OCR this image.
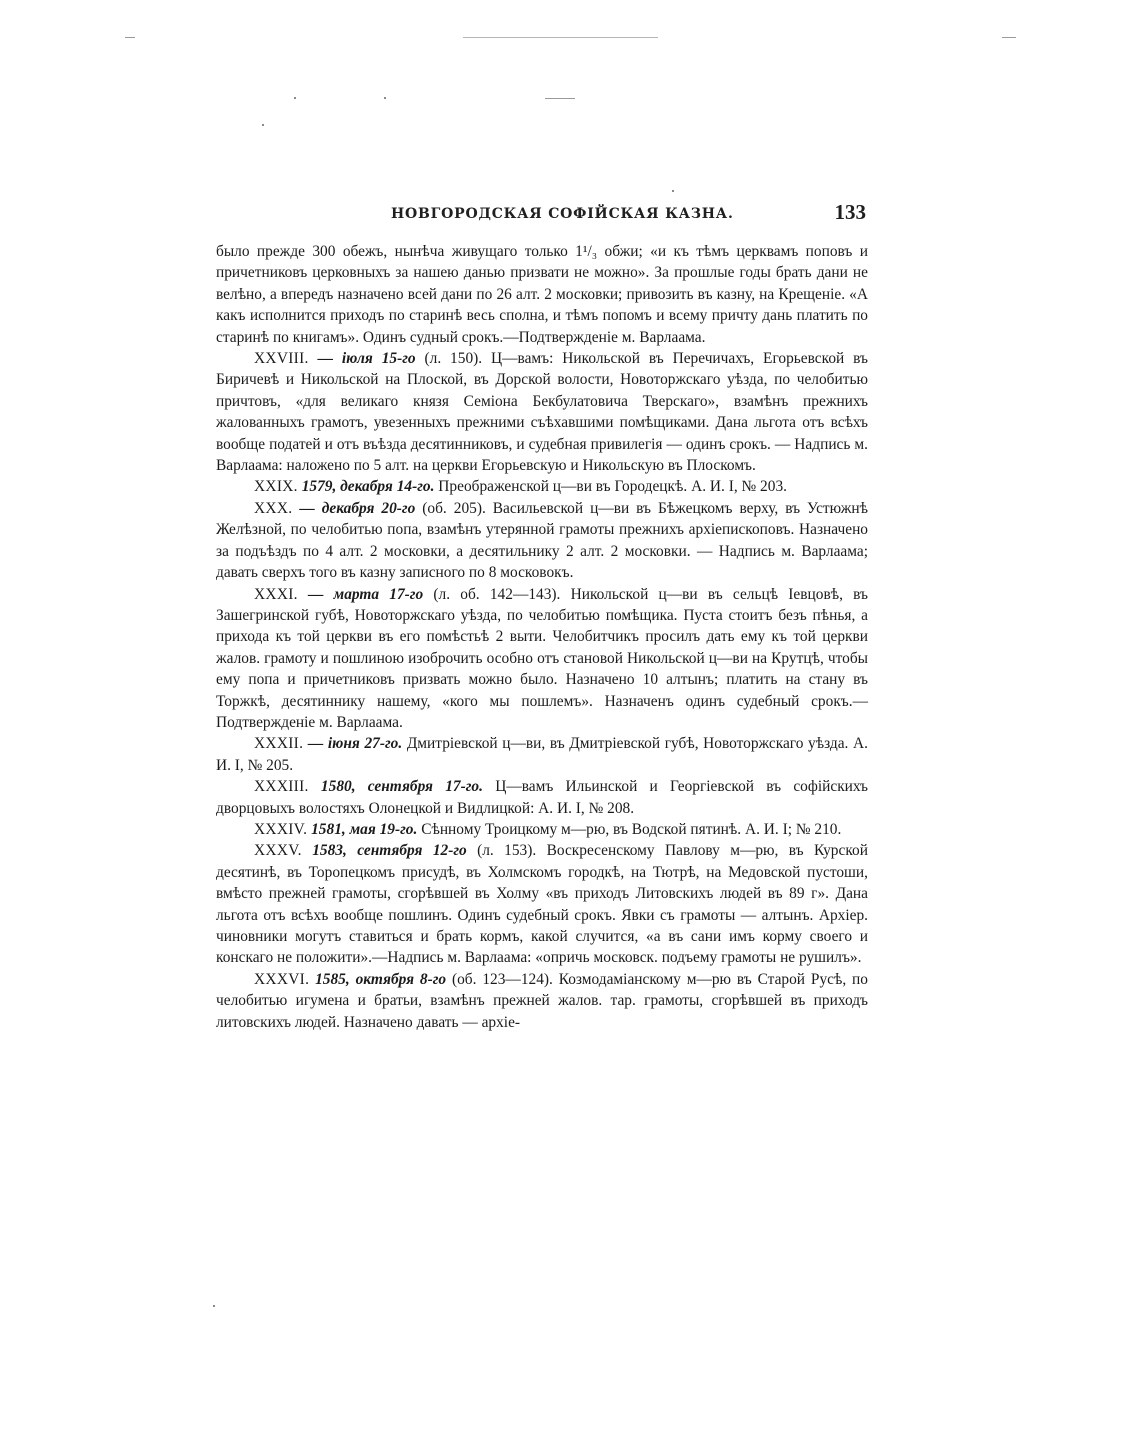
НОВГОРОДСКАЯ СОФІЙСКАЯ КАЗНА.	133

было прежде 300 обежъ, нынѣча живущаго только 1¹/₃ обжи; «и къ тѣмъ церквамъ поповъ и причетниковъ церковныхъ за нашею данью призвати не можно». За прошлые годы брать дани не велѣно, а впередъ назначено всей дани по 26 алт. 2 московки; привозить въ казну, на Крещеніе. «А какъ исполнится приходъ по старинѣ весь сполна, и тѣмъ попомъ и всему причту дань платить по старинѣ по книгамъ». Одинъ судный срокъ.—Подтвержденіе м. Варлаама.

XXVIII. — іюля 15-го (л. 150). Ц—вамъ: Никольской въ Перечичахъ, Егорьевской въ Биричевѣ и Никольской на Плоской, въ Дорской волости, Новоторжскаго уѣзда, по челобитью причтовъ, «для великаго князя Семіона Бекбулатовича Тверскаго», взамѣнъ прежнихъ жалованныхъ грамотъ, увезенныхъ прежними съѣхавшими помѣщиками. Дана льгота отъ всѣхъ вообще податей и отъ въѣзда десятинниковъ, и судебная привилегія — одинъ срокъ. — Надпись м. Варлаама: наложено по 5 алт. на церкви Егорьевскую и Никольскую въ Плоскомъ.

XXIX. 1579, декабря 14-го. Преображенской ц—ви въ Городецкѣ. А. И. I, № 203.

XXX. — декабря 20-го (об. 205). Васильевской ц—ви въ Бѣжецкомъ верху, въ Устюжнѣ Желѣзной, по челобитью попа, взамѣнъ утерянной грамоты прежнихъ архіепископовъ. Назначено за подъѣздъ по 4 алт. 2 московки, а десятильнику 2 алт. 2 московки. — Надпись м. Варлаама; давать сверхъ того въ казну записного по 8 московокъ.

XXXI. — марта 17-го (л. об. 142—143). Никольской ц—ви въ сельцѣ Іевцовѣ, въ Зашегринской губѣ, Новоторжскаго уѣзда, по челобитью помѣщика. Пуста стоитъ безъ пѣнья, а прихода къ той церкви въ его помѣстьѣ 2 выти. Челобитчикъ просилъ дать ему къ той церкви жалов. грамоту и пошлиною изоброчить особно отъ становой Никольской ц—ви на Крутцѣ, чтобы ему попа и причетниковъ призвать можно было. Назначено 10 алтынъ; платить на стану въ Торжкѣ, десятиннику нашему, «кого мы пошлемъ». Назначенъ одинъ судебный срокъ.—Подтвержденіе м. Варлаама.

XXXII. — іюня 27-го. Дмитріевской ц—ви, въ Дмитріевской губѣ, Новоторжскаго уѣзда. А. И. I, № 205.

XXXIII. 1580, сентября 17-го. Ц—вамъ Ильинской и Георгіевской въ софійскихъ дворцовыхъ волостяхъ Олонецкой и Видлицкой: А. И. I, № 208.

XXXIV. 1581, мая 19-го. Сѣнному Троицкому м—рю, въ Водской пятинѣ. А. И. I; № 210.

XXXV. 1583, сентября 12-го (л. 153). Воскресенскому Павлову м—рю, въ Курской десятинѣ, въ Торопецкомъ присудѣ, въ Холмскомъ городкѣ, на Тютрѣ, на Медовской пустоши, вмѣсто прежней грамоты, сгорѣвшей въ Холму «въ приходъ Литовскихъ людей въ 89 г». Дана льгота отъ всѣхъ вообще пошлинъ. Одинъ судебный срокъ. Явки съ грамоты — алтынъ. Архіер. чиновники могутъ ставиться и брать кормъ, какой случится, «а въ сани имъ корму своего и конскаго не положити».—Надпись м. Варлаама: «опричь московск. подъему грамоты не рушилъ».

XXXVI. 1585, октября 8-го (об. 123—124). Козмодаміанскому м—рю въ Старой Русѣ, по челобитью игумена и братьи, взамѣнъ прежней жалов. тар. грамоты, сгорѣвшей въ приходъ литовскихъ людей. Назначено давать — архіе-
